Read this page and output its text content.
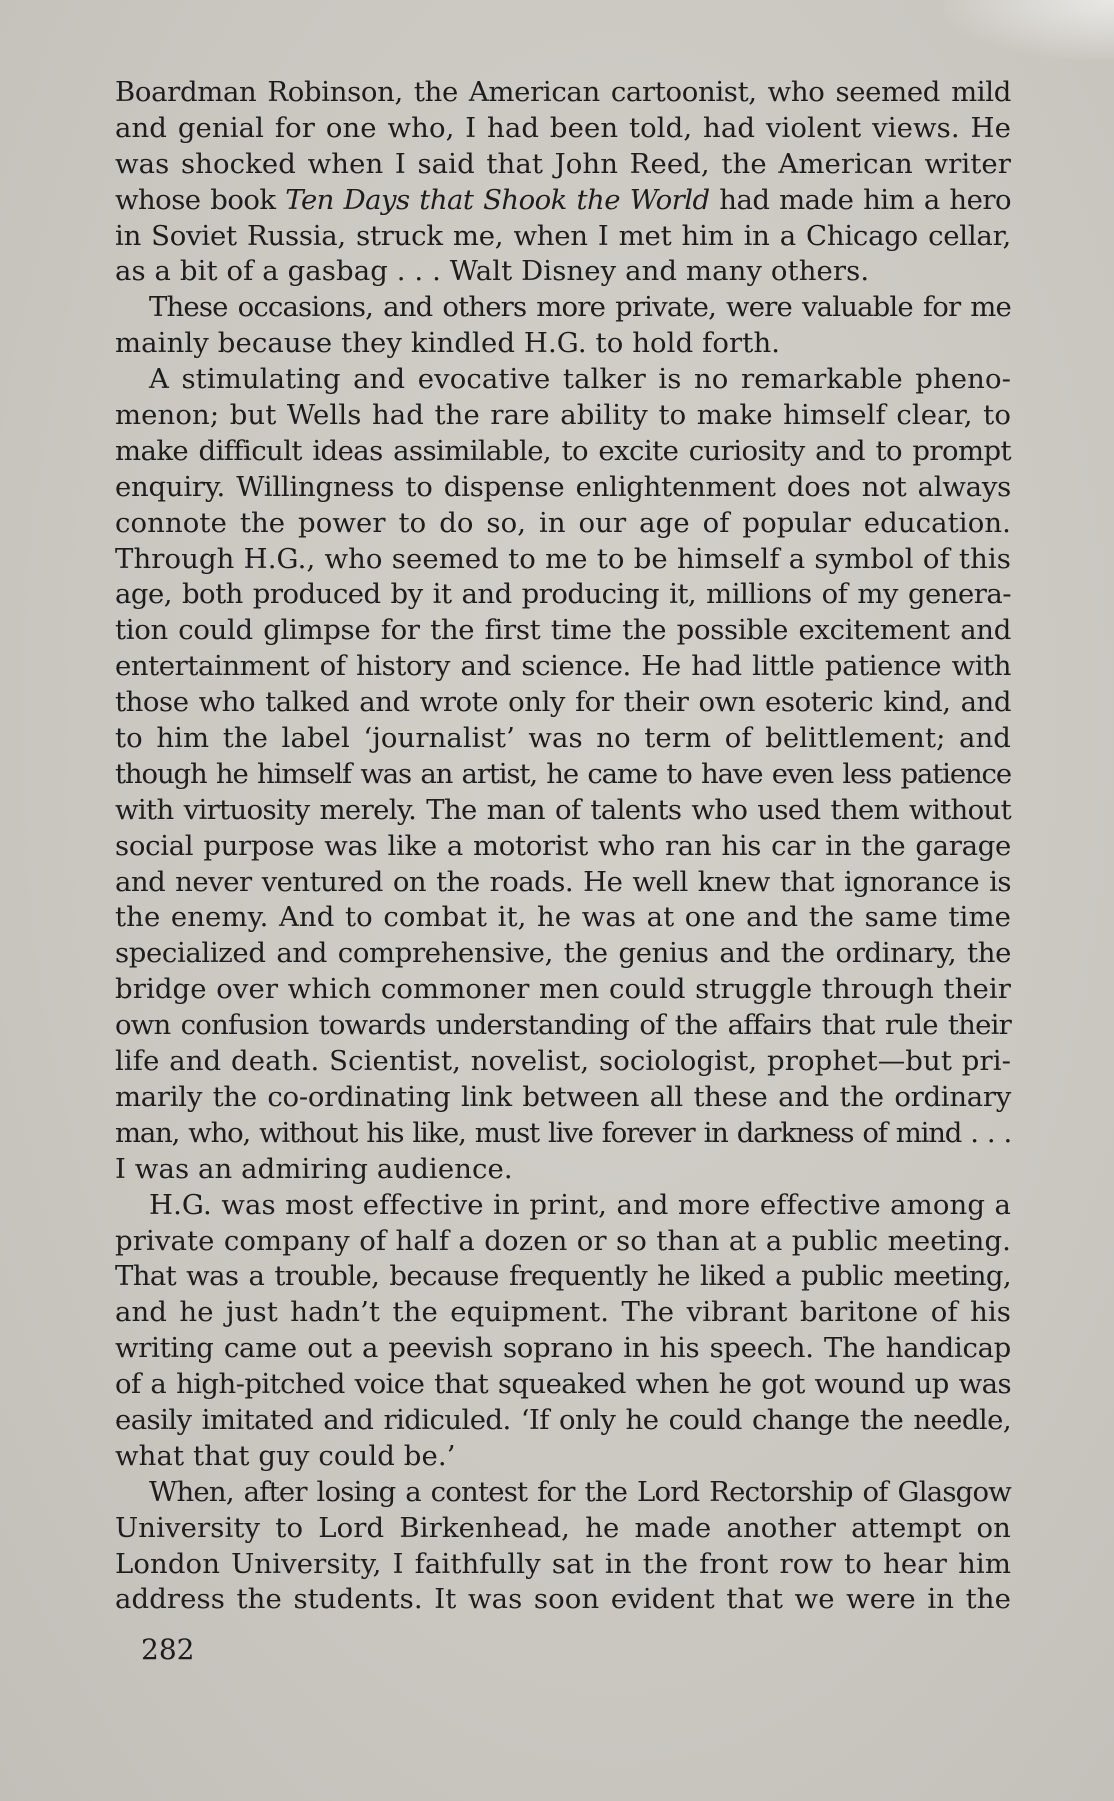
Boardman Robinson, the American cartoonist, who seemed mild
and genial for one who, I had been told, had violent views. He
was shocked when I said that John Reed, the American writer
whose book Ten Days that Shook the World had made him a hero
in Soviet Russia, struck me, when I met him in a Chicago cellar,
as a bit of a gasbag . . . Walt Disney and many others.
These occasions, and others more private, were valuable for me
mainly because they kindled H.G. to hold forth.
A stimulating and evocative talker is no remarkable pheno-
menon; but Wells had the rare ability to make himself clear, to
make difficult ideas assimilable, to excite curiosity and to prompt
enquiry. Willingness to dispense enlightenment does not always
connote the power to do so, in our age of popular education.
Through H.G., who seemed to me to be himself a symbol of this
age, both produced by it and producing it, millions of my genera-
tion could glimpse for the first time the possible excitement and
entertainment of history and science. He had little patience with
those who talked and wrote only for their own esoteric kind, and
to him the label ‘journalist’ was no term of belittlement; and
though he himself was an artist, he came to have even less patience
with virtuosity merely. The man of talents who used them without
social purpose was like a motorist who ran his car in the garage
and never ventured on the roads. He well knew that ignorance is
the enemy. And to combat it, he was at one and the same time
specialized and comprehensive, the genius and the ordinary, the
bridge over which commoner men could struggle through their
own confusion towards understanding of the affairs that rule their
life and death. Scientist, novelist, sociologist, prophet—but pri-
marily the co-ordinating link between all these and the ordinary
man, who, without his like, must live forever in darkness of mind . . .
I was an admiring audience.
H.G. was most effective in print, and more effective among a
private company of half a dozen or so than at a public meeting.
That was a trouble, because frequently he liked a public meeting,
and he just hadn’t the equipment. The vibrant baritone of his
writing came out a peevish soprano in his speech. The handicap
of a high-pitched voice that squeaked when he got wound up was
easily imitated and ridiculed. ‘If only he could change the needle,
what that guy could be.’
When, after losing a contest for the Lord Rectorship of Glasgow
University to Lord Birkenhead, he made another attempt on
London University, I faithfully sat in the front row to hear him
address the students. It was soon evident that we were in the
282
